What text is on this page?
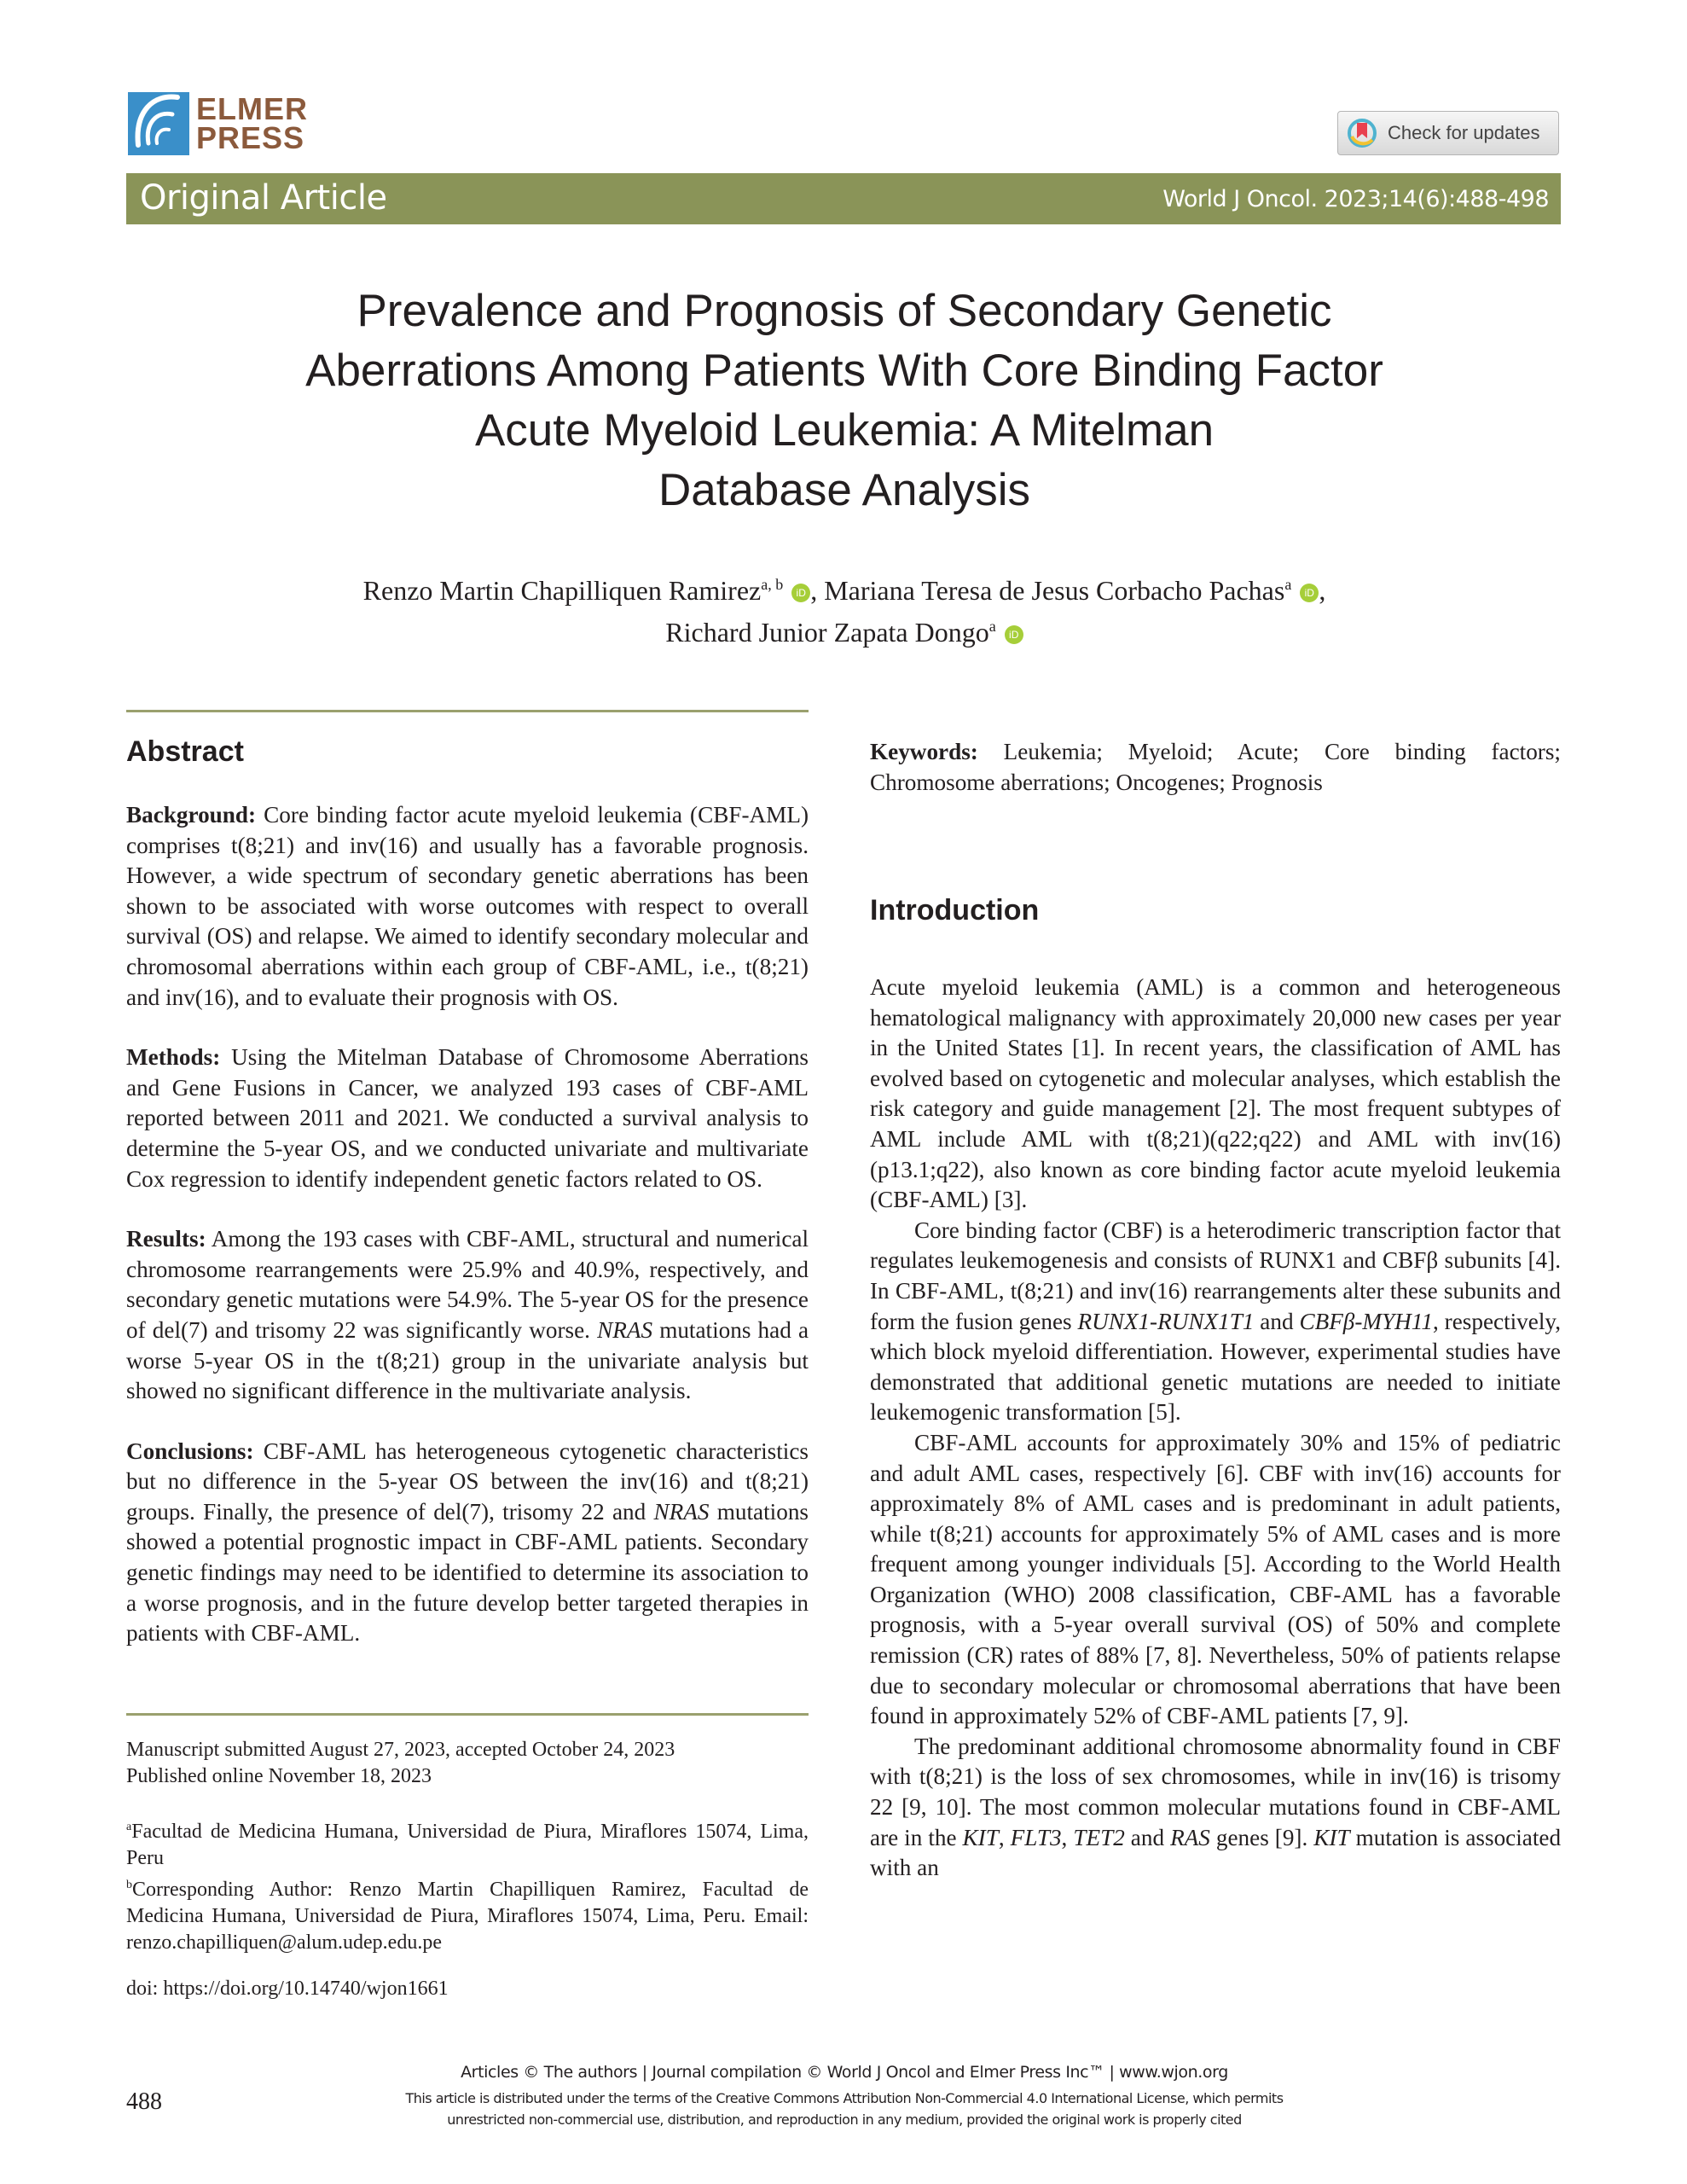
ELMER
PRESS	Check for updates
Original Article	World J Oncol. 2023;14(6):488-498
Prevalence and Prognosis of Secondary Genetic
Aberrations Among Patients With Core Binding Factor
Acute Myeloid Leukemia: A Mitelman
Database Analysis
Renzo Martin Chapilliquen Ramirez$^{a, b}$ iD , Mariana Teresa de Jesus Corbacho Pachas$^a$ iD ,
Richard Junior Zapata Dongo$^a$ iD
Abstract

Background: Core binding factor acute myeloid leukemia (CBF-AML) comprises t(8;21) and inv(16) and usually has a favorable prognosis. However, a wide spectrum of secondary genetic aberrations has been shown to be associated with worse outcomes with respect to overall survival (OS) and relapse. We aimed to identify secondary molecular and chromosomal aberrations within each group of CBF-AML, i.e., t(8;21) and inv(16), and to evaluate their prognosis with OS.

Methods: Using the Mitelman Database of Chromosome Aberrations and Gene Fusions in Cancer, we analyzed 193 cases of CBF-AML reported between 2011 and 2021. We conducted a survival analysis to determine the 5-year OS, and we conducted univariate and multivariate Cox regression to identify independent genetic factors related to OS.

Results: Among the 193 cases with CBF-AML, structural and numerical chromosome rearrangements were 25.9% and 40.9%, respectively, and secondary genetic mutations were 54.9%. The 5-year OS for the presence of del(7) and trisomy 22 was significantly worse. NRAS mutations had a worse 5-year OS in the t(8;21) group in the univariate analysis but showed no significant difference in the multivariate analysis.

Conclusions: CBF-AML has heterogeneous cytogenetic characteristics but no difference in the 5-year OS between the inv(16) and t(8;21) groups. Finally, the presence of del(7), trisomy 22 and NRAS mutations showed a potential prognostic impact in CBF-AML patients. Secondary genetic findings may need to be identified to determine its association to a worse prognosis, and in the future develop better targeted therapies in patients with CBF-AML.

Manuscript submitted August 27, 2023, accepted October 24, 2023

Published online November 18, 2023

$^a$Facultad de Medicina Humana, Universidad de Piura, Miraflores 15074, Lima, Peru

$^b$Corresponding Author: Renzo Martin Chapilliquen Ramirez, Facultad de Medicina Humana, Universidad de Piura, Miraflores 15074, Lima, Peru. Email: renzo.chapilliquen@alum.udep.edu.pe

doi: https://doi.org/10.14740/wjon1661

Keywords: Leukemia; Myeloid; Acute; Core binding factors; Chromosome aberrations; Oncogenes; Prognosis

Introduction

Acute myeloid leukemia (AML) is a common and heterogeneous hematological malignancy with approximately 20,000 new cases per year in the United States [1]. In recent years, the classification of AML has evolved based on cytogenetic and molecular analyses, which establish the risk category and guide management [2]. The most frequent subtypes of AML include AML with t(8;21)(q22;q22) and AML with inv(16)(p13.1;q22), also known as core binding factor acute myeloid leukemia (CBF-AML) [3].

Core binding factor (CBF) is a heterodimeric transcription factor that regulates leukemogenesis and consists of RUNX1 and CBFβ subunits [4]. In CBF-AML, t(8;21) and inv(16) rearrangements alter these subunits and form the fusion genes RUNX1-RUNX1T1 and CBFβ-MYH11, respectively, which block myeloid differentiation. However, experimental studies have demonstrated that additional genetic mutations are needed to initiate leukemogenic transformation [5].

CBF-AML accounts for approximately 30% and 15% of pediatric and adult AML cases, respectively [6]. CBF with inv(16) accounts for approximately 8% of AML cases and is predominant in adult patients, while t(8;21) accounts for approximately 5% of AML cases and is more frequent among younger individuals [5]. According to the World Health Organization (WHO) 2008 classification, CBF-AML has a favorable prognosis, with a 5-year overall survival (OS) of 50% and complete remission (CR) rates of 88% [7, 8]. Nevertheless, 50% of patients relapse due to secondary molecular or chromosomal aberrations that have been found in approximately 52% of CBF-AML patients [7, 9].

The predominant additional chromosome abnormality found in CBF with t(8;21) is the loss of sex chromosomes, while in inv(16) is trisomy 22 [9, 10]. The most common molecular mutations found in CBF-AML are in the KIT, FLT3, TET2 and RAS genes [9]. KIT mutation is associated with an

488
Articles © The authors | Journal compilation © World J Oncol and Elmer Press Inc™ | www.wjon.org
This article is distributed under the terms of the Creative Commons Attribution Non-Commercial 4.0 International License, which permits
unrestricted non-commercial use, distribution, and reproduction in any medium, provided the original work is properly cited
